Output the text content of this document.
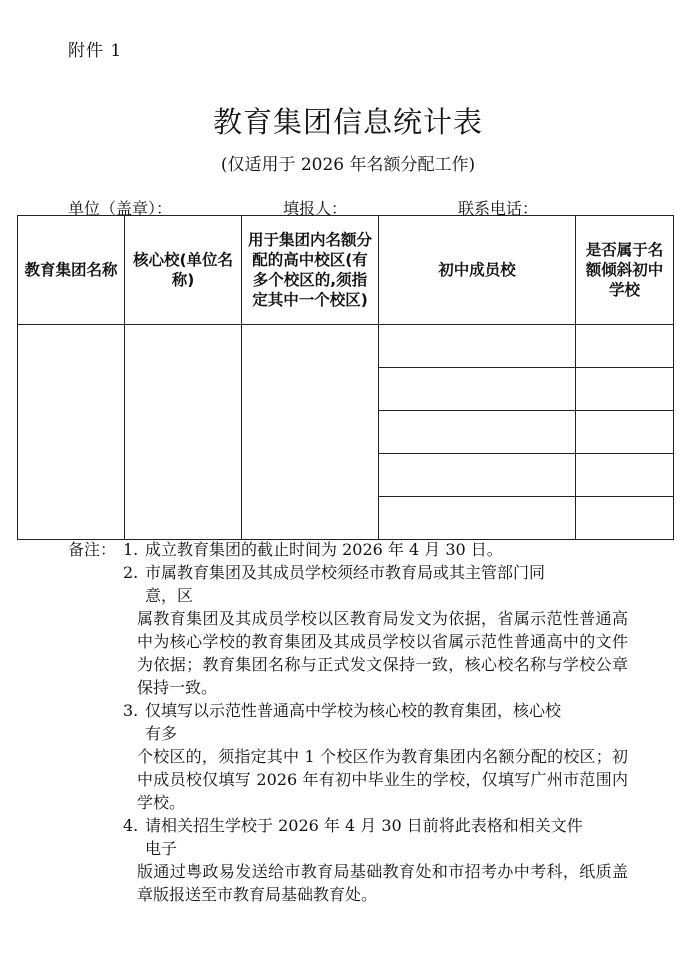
附件 1
教育集团信息统计表
(仅适用于 2026 年名额分配工作)
单位（盖章）：	填报人：	联系电话：
教育集团名称	核心校(单位名称)	用于集团内名额分配的高中校区(有多个校区的,须指定其中一个校区)	初中成员校	是否属于名额倾斜初中学校

备注： 1. 成立教育集团的截止时间为 2026 年 4 月 30 日。
2. 市属教育集团及其成员学校须经市教育局或其主管部门同
意，区
属教育集团及其成员学校以区教育局发文为依据，省属示范性普通高中为核心学校的教育集团及其成员学校以省属示范性普通高中的文件为依据；教育集团名称与正式发文保持一致，核心校名称与学校公章保持一致。
3. 仅填写以示范性普通高中学校为核心校的教育集团，核心校
有多
个校区的，须指定其中 1 个校区作为教育集团内名额分配的校区；初中成员校仅填写 2026 年有初中毕业生的学校，仅填写广州市范围内学校。
4. 请相关招生学校于 2026 年 4 月 30 日前将此表格和相关文件
电子
版通过粤政易发送给市教育局基础教育处和市招考办中考科，纸质盖章版报送至市教育局基础教育处。
